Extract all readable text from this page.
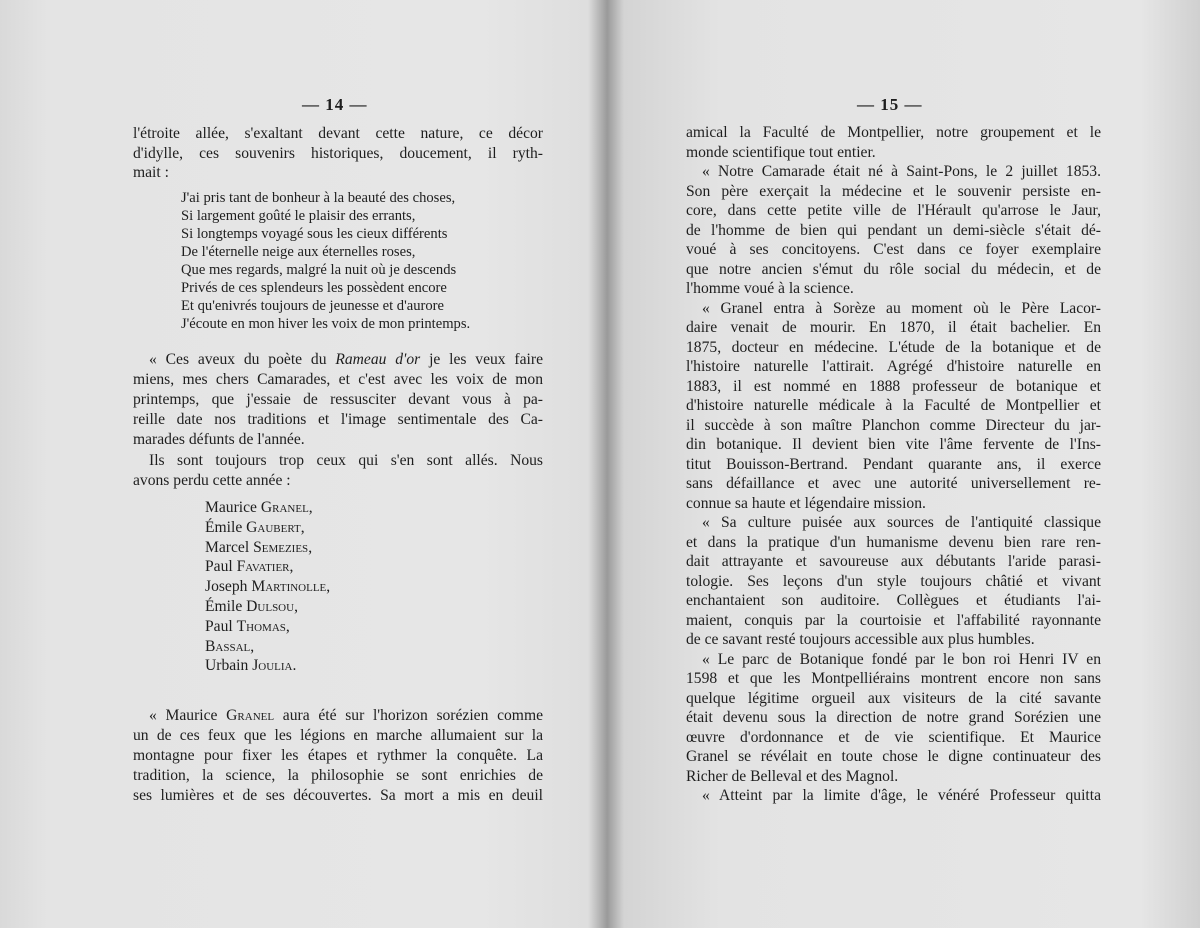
— 14 —
l'étroite allée, s'exaltant devant cette nature, ce décor
d'idylle, ces souvenirs historiques, doucement, il ryth-
mait :
J'ai pris tant de bonheur à la beauté des choses,
Si largement goûté le plaisir des errants,
Si longtemps voyagé sous les cieux différents
De l'éternelle neige aux éternelles roses,
Que mes regards, malgré la nuit où je descends
Privés de ces splendeurs les possèdent encore
Et qu'enivrés toujours de jeunesse et d'aurore
J'écoute en mon hiver les voix de mon printemps.
« Ces aveux du poète du Rameau d'or je les veux faire
miens, mes chers Camarades, et c'est avec les voix de mon
printemps, que j'essaie de ressusciter devant vous à pa-
reille date nos traditions et l'image sentimentale des Ca-
marades défunts de l'année.
Ils sont toujours trop ceux qui s'en sont allés. Nous
avons perdu cette année :
Maurice Granel,
Émile Gaubert,
Marcel Semezies,
Paul Favatier,
Joseph Martinolle,
Émile Dulsou,
Paul Thomas,
Bassal,
Urbain Joulia.
« Maurice Granel aura été sur l'horizon sorézien comme
un de ces feux que les légions en marche allumaient sur la
montagne pour fixer les étapes et rythmer la conquête. La
tradition, la science, la philosophie se sont enrichies de
ses lumières et de ses découvertes. Sa mort a mis en deuil
— 15 —
amical la Faculté de Montpellier, notre groupement et le
monde scientifique tout entier.
« Notre Camarade était né à Saint-Pons, le 2 juillet 1853.
Son père exerçait la médecine et le souvenir persiste en-
core, dans cette petite ville de l'Hérault qu'arrose le Jaur,
de l'homme de bien qui pendant un demi-siècle s'était dé-
voué à ses concitoyens. C'est dans ce foyer exemplaire
que notre ancien s'émut du rôle social du médecin, et de
l'homme voué à la science.
« Granel entra à Sorèze au moment où le Père Lacor-
daire venait de mourir. En 1870, il était bachelier. En
1875, docteur en médecine. L'étude de la botanique et de
l'histoire naturelle l'attirait. Agrégé d'histoire naturelle en
1883, il est nommé en 1888 professeur de botanique et
d'histoire naturelle médicale à la Faculté de Montpellier et
il succède à son maître Planchon comme Directeur du jar-
din botanique. Il devient bien vite l'âme fervente de l'Ins-
titut Bouisson-Bertrand. Pendant quarante ans, il exerce
sans défaillance et avec une autorité universellement re-
connue sa haute et légendaire mission.
« Sa culture puisée aux sources de l'antiquité classique
et dans la pratique d'un humanisme devenu bien rare ren-
dait attrayante et savoureuse aux débutants l'aride parasi-
tologie. Ses leçons d'un style toujours châtié et vivant
enchantaient son auditoire. Collègues et étudiants l'ai-
maient, conquis par la courtoisie et l'affabilité rayonnante
de ce savant resté toujours accessible aux plus humbles.
« Le parc de Botanique fondé par le bon roi Henri IV en
1598 et que les Montpelliérains montrent encore non sans
quelque légitime orgueil aux visiteurs de la cité savante
était devenu sous la direction de notre grand Sorézien une
œuvre d'ordonnance et de vie scientifique. Et Maurice
Granel se révélait en toute chose le digne continuateur des
Richer de Belleval et des Magnol.
« Atteint par la limite d'âge, le vénéré Professeur quitta
